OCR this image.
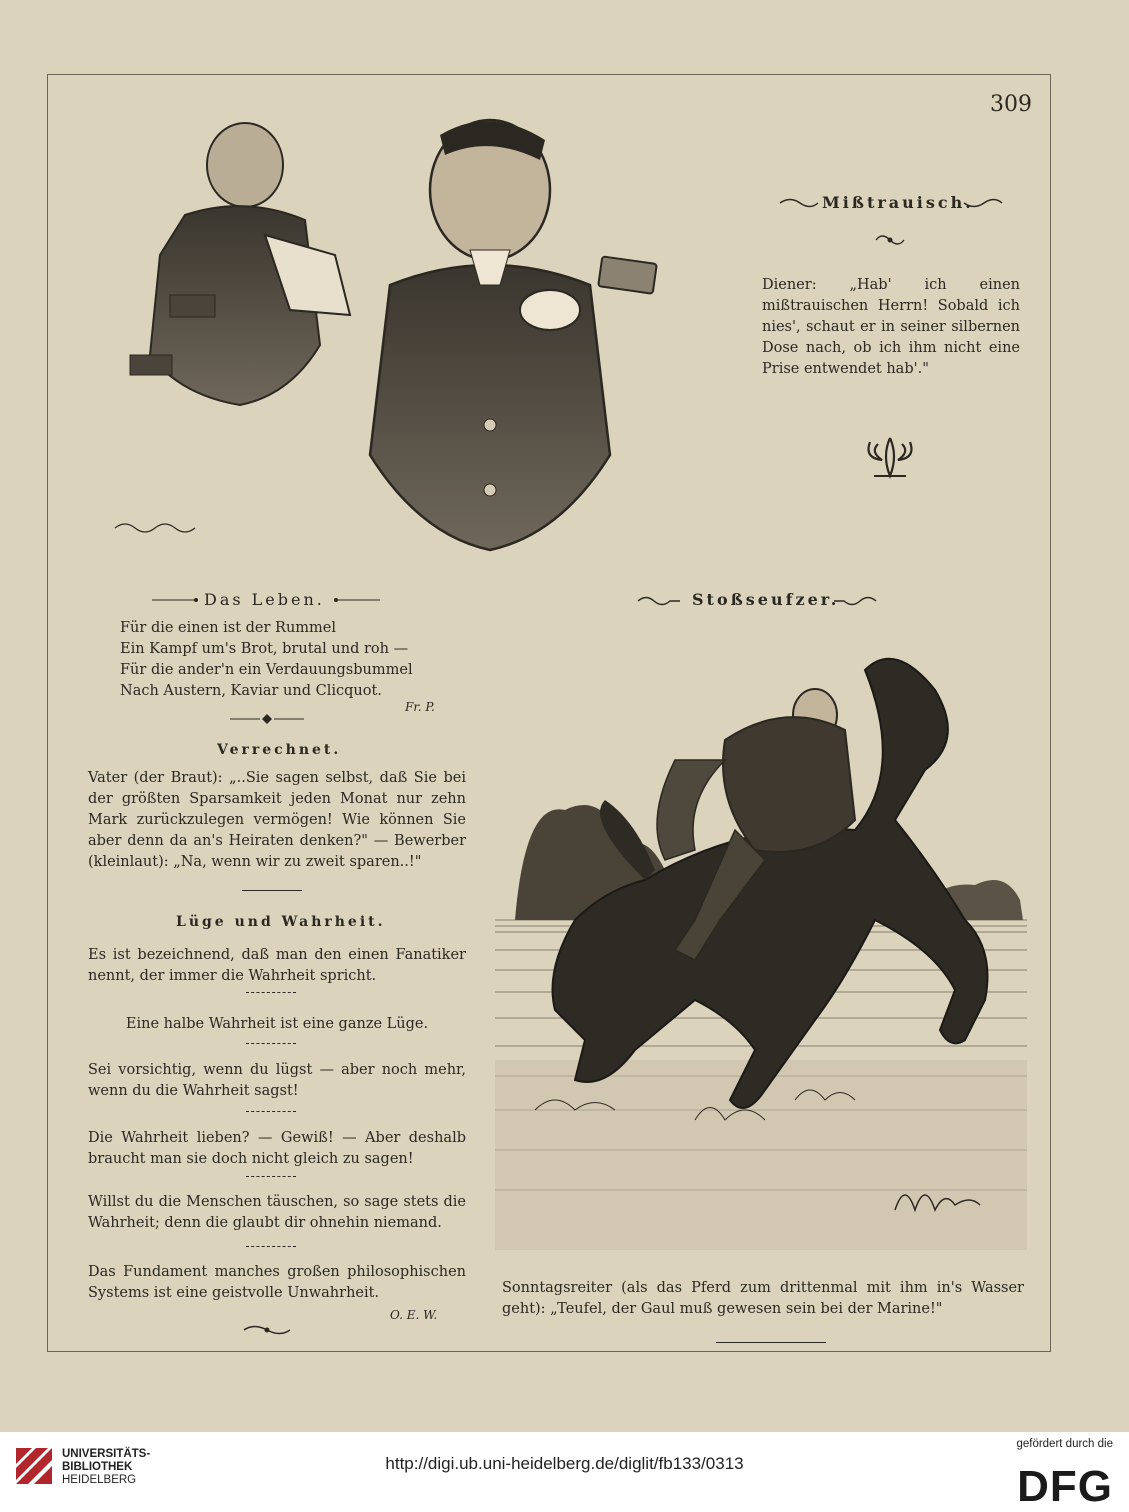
309
Mißtrauisch.
Diener: „Hab' ich einen mißtrauischen Herrn! Sobald ich nies', schaut er in seiner silbernen Dose nach, ob ich ihm nicht eine Prise entwendet hab'."
Das Leben.
Für die einen ist der Rummel
Ein Kampf um's Brot, brutal und roh —
Für die ander'n ein Verdauungsbummel
Nach Austern, Kaviar und Clicquot.
Fr. P.
Verrechnet.
Vater (der Braut): „..Sie sagen selbst, daß Sie bei der größten Sparsamkeit jeden Monat nur zehn Mark zurückzulegen vermögen! Wie können Sie aber denn da an's Heiraten denken?" — Bewerber (kleinlaut): „Na, wenn wir zu zweit sparen..!"
Lüge und Wahrheit.
Es ist bezeichnend, daß man den einen Fanatiker nennt, der immer die Wahrheit spricht.
Eine halbe Wahrheit ist eine ganze Lüge.
Sei vorsichtig, wenn du lügst — aber noch mehr, wenn du die Wahrheit sagst!
Die Wahrheit lieben? — Gewiß! — Aber deshalb braucht man sie doch nicht gleich zu sagen!
Willst du die Menschen täuschen, so sage stets die Wahrheit; denn die glaubt dir ohnehin niemand.
Das Fundament manches großen philosophischen Systems ist eine geistvolle Unwahrheit.
O. E. W.
Stoßseufzer.
Sonntagsreiter (als das Pferd zum drittenmal mit ihm in's Wasser geht): „Teufel, der Gaul muß gewesen sein bei der Marine!"
UNIVERSITÄTS-
BIBLIOTHEK
HEIDELBERG
http://digi.ub.uni-heidelberg.de/diglit/fb133/0313
gefördert durch die
DFG
